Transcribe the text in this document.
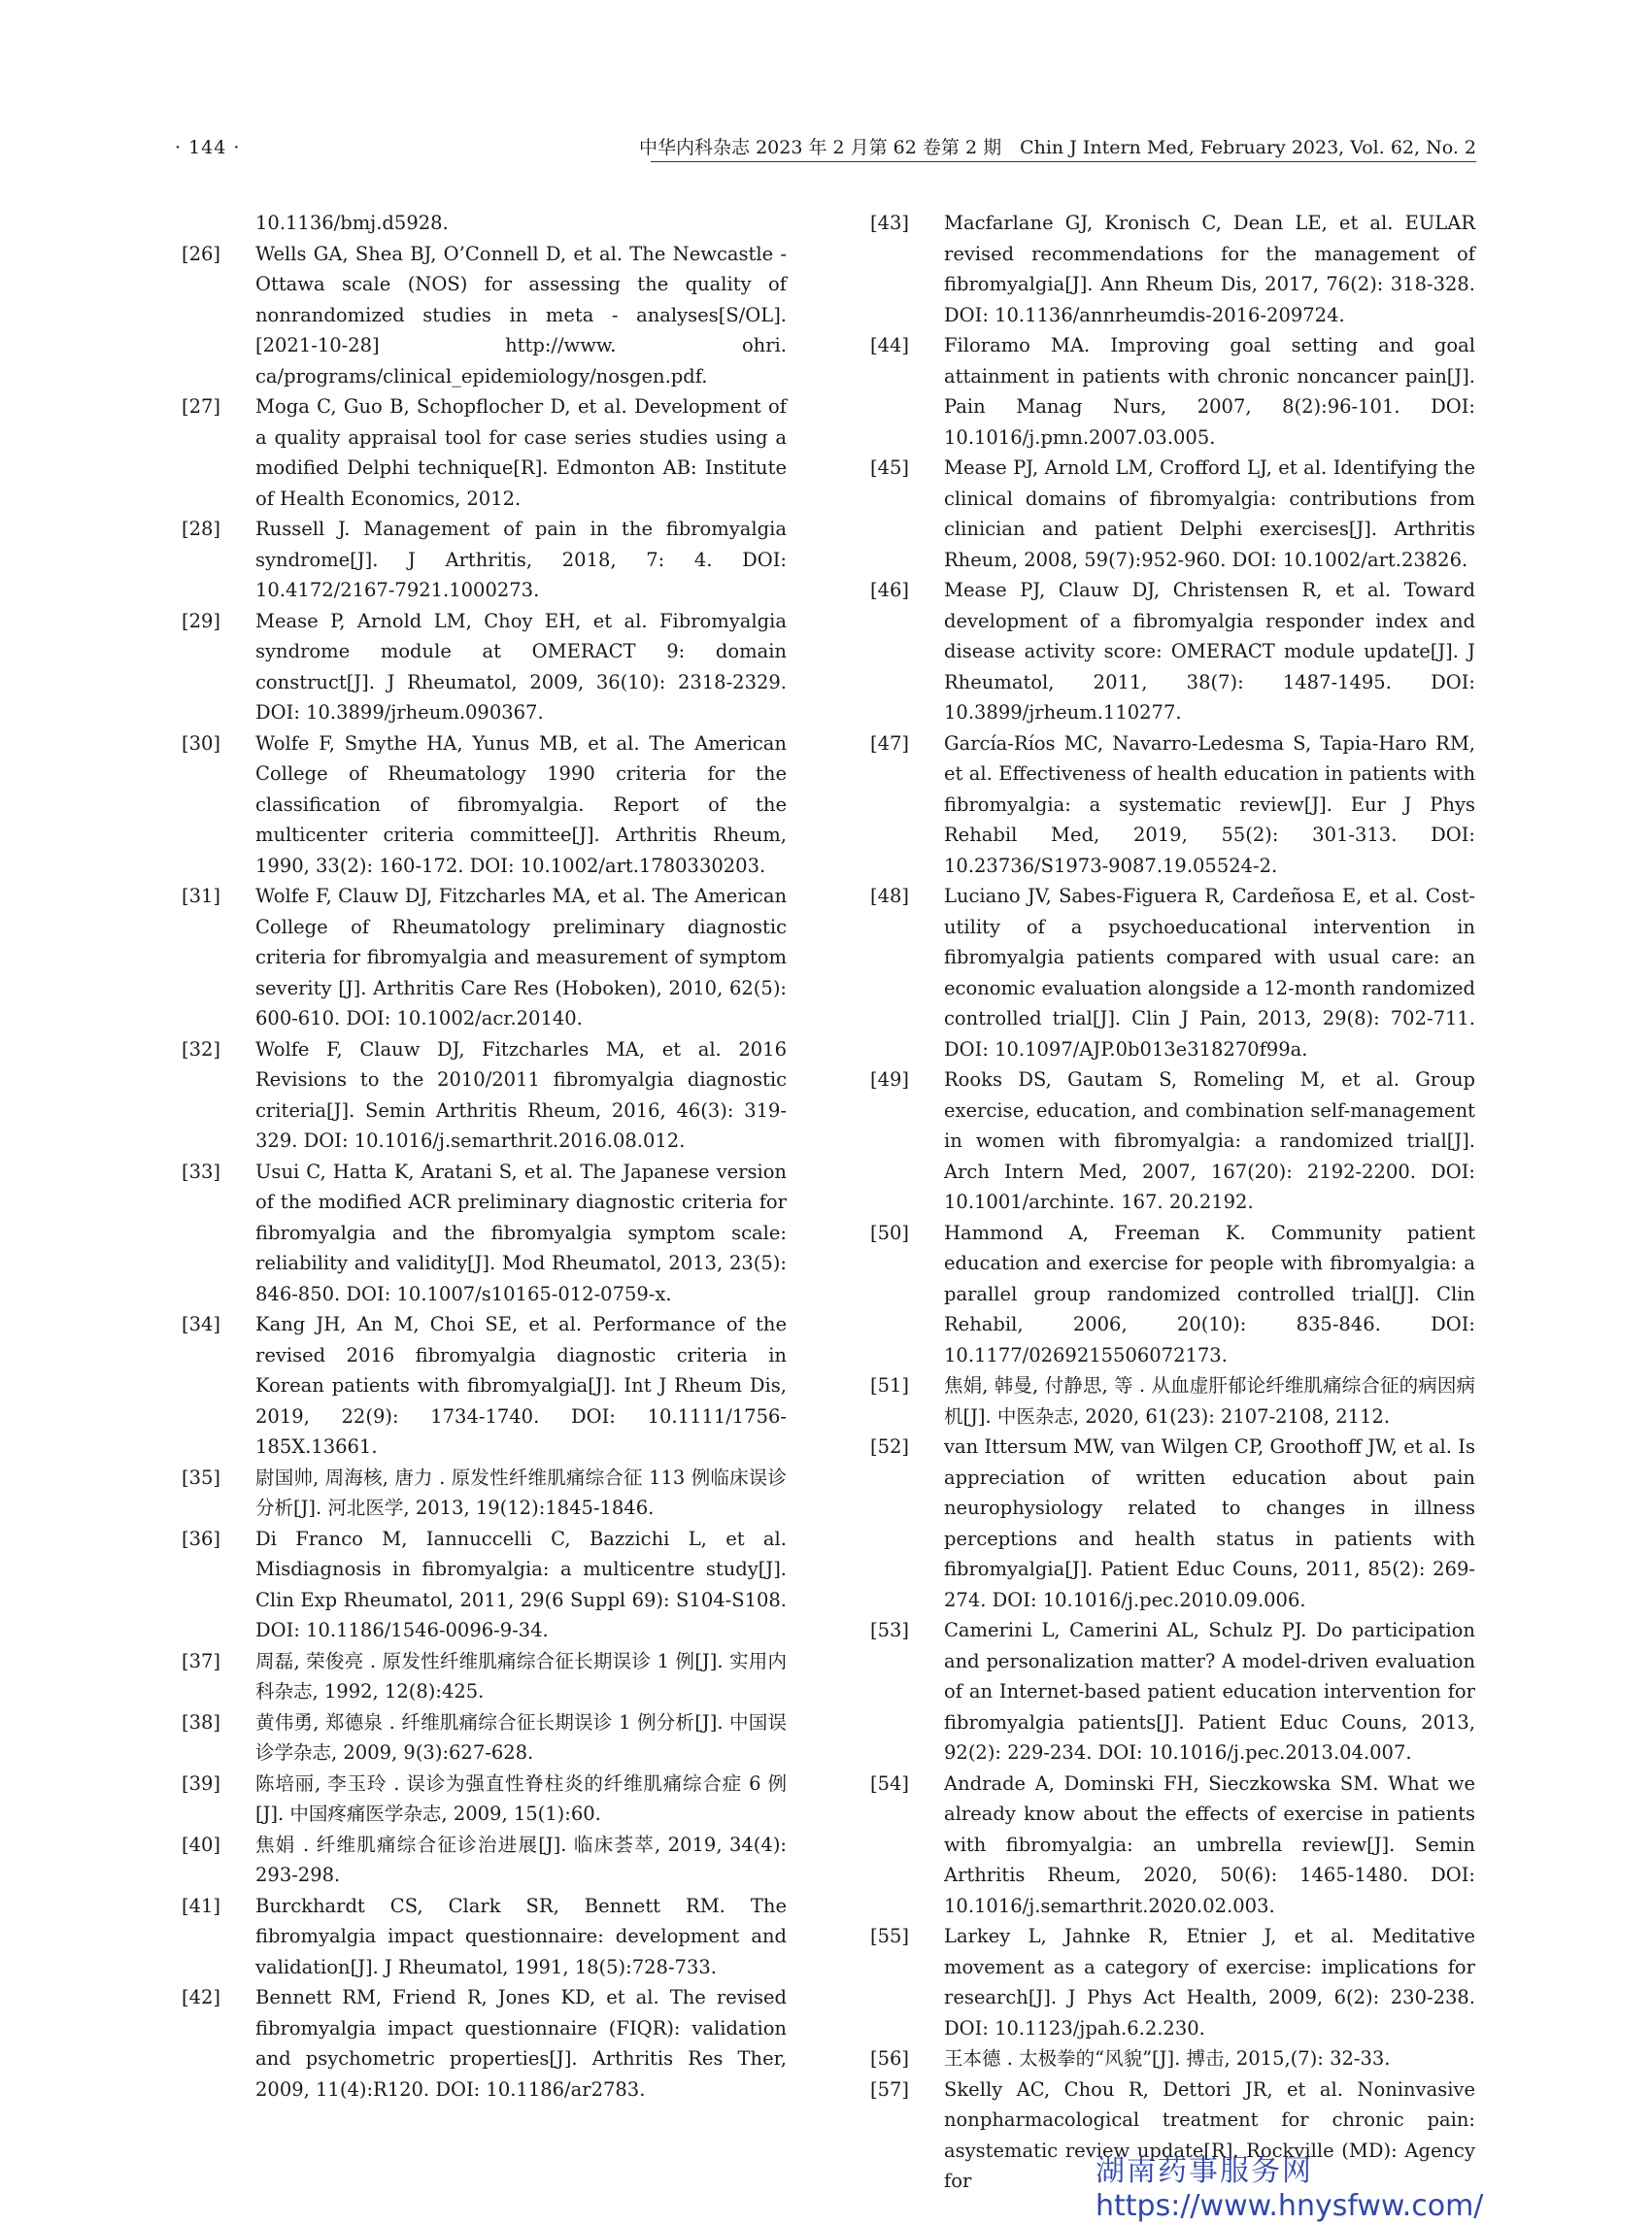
· 144 ·	中华内科杂志 2023 年 2 月第 62 卷第 2 期　Chin J Intern Med, February 2023, Vol. 62, No. 2
10.1136/bmj.d5928.
[26] Wells GA, Shea BJ, O’Connell D, et al. The Newcastle - Ottawa scale (NOS) for assessing the quality of nonrandomized studies in meta - analyses[S/OL]. [2021-10-28] http://www. ohri. ca/programs/clinical_epidemiology/nosgen.pdf.
[27] Moga C, Guo B, Schopflocher D, et al. Development of a quality appraisal tool for case series studies using a modified Delphi technique[R]. Edmonton AB: Institute of Health Economics, 2012.
[28] Russell J. Management of pain in the fibromyalgia syndrome[J]. J Arthritis, 2018, 7: 4. DOI: 10.4172/2167-7921.1000273.
[29] Mease P, Arnold LM, Choy EH, et al. Fibromyalgia syndrome module at OMERACT 9: domain construct[J]. J Rheumatol, 2009, 36(10): 2318-2329. DOI: 10.3899/jrheum.090367.
[30] Wolfe F, Smythe HA, Yunus MB, et al. The American College of Rheumatology 1990 criteria for the classification of fibromyalgia. Report of the multicenter criteria committee[J]. Arthritis Rheum, 1990, 33(2): 160-172. DOI: 10.1002/art.1780330203.
[31] Wolfe F, Clauw DJ, Fitzcharles MA, et al. The American College of Rheumatology preliminary diagnostic criteria for fibromyalgia and measurement of symptom severity [J]. Arthritis Care Res (Hoboken), 2010, 62(5): 600-610. DOI: 10.1002/acr.20140.
[32] Wolfe F, Clauw DJ, Fitzcharles MA, et al. 2016 Revisions to the 2010/2011 fibromyalgia diagnostic criteria[J]. Semin Arthritis Rheum, 2016, 46(3): 319-329. DOI: 10.1016/j.semarthrit.2016.08.012.
[33] Usui C, Hatta K, Aratani S, et al. The Japanese version of the modified ACR preliminary diagnostic criteria for fibromyalgia and the fibromyalgia symptom scale: reliability and validity[J]. Mod Rheumatol, 2013, 23(5): 846-850. DOI: 10.1007/s10165-012-0759-x.
[34] Kang JH, An M, Choi SE, et al. Performance of the revised 2016 fibromyalgia diagnostic criteria in Korean patients with fibromyalgia[J]. Int J Rheum Dis, 2019, 22(9): 1734-1740. DOI: 10.1111/1756-185X.13661.
[35] 尉国帅, 周海核, 唐力 . 原发性纤维肌痛综合征 113 例临床误诊分析[J]. 河北医学, 2013, 19(12):1845-1846.
[36] Di Franco M, Iannuccelli C, Bazzichi L, et al. Misdiagnosis in fibromyalgia: a multicentre study[J]. Clin Exp Rheumatol, 2011, 29(6 Suppl 69): S104-S108. DOI: 10.1186/1546-0096-9-34.
[37] 周磊, 荣俊亮 . 原发性纤维肌痛综合征长期误诊 1 例[J]. 实用内科杂志, 1992, 12(8):425.
[38] 黄伟勇, 郑德泉 . 纤维肌痛综合征长期误诊 1 例分析[J]. 中国误诊学杂志, 2009, 9(3):627-628.
[39] 陈培丽, 李玉玲 . 误诊为强直性脊柱炎的纤维肌痛综合症 6 例[J]. 中国疼痛医学杂志, 2009, 15(1):60.
[40] 焦娟 . 纤维肌痛综合征诊治进展[J]. 临床荟萃, 2019, 34(4): 293-298.
[41] Burckhardt CS, Clark SR, Bennett RM. The fibromyalgia impact questionnaire: development and validation[J]. J Rheumatol, 1991, 18(5):728-733.
[42] Bennett RM, Friend R, Jones KD, et al. The revised fibromyalgia impact questionnaire (FIQR): validation and psychometric properties[J]. Arthritis Res Ther, 2009, 11(4):R120. DOI: 10.1186/ar2783.
[43] Macfarlane GJ, Kronisch C, Dean LE, et al. EULAR revised recommendations for the management of fibromyalgia[J]. Ann Rheum Dis, 2017, 76(2): 318-328. DOI: 10.1136/annrheumdis-2016-209724.
[44] Filoramo MA. Improving goal setting and goal attainment in patients with chronic noncancer pain[J]. Pain Manag Nurs, 2007, 8(2):96-101. DOI: 10.1016/j.pmn.2007.03.005.
[45] Mease PJ, Arnold LM, Crofford LJ, et al. Identifying the clinical domains of fibromyalgia: contributions from clinician and patient Delphi exercises[J]. Arthritis Rheum, 2008, 59(7):952-960. DOI: 10.1002/art.23826.
[46] Mease PJ, Clauw DJ, Christensen R, et al. Toward development of a fibromyalgia responder index and disease activity score: OMERACT module update[J]. J Rheumatol, 2011, 38(7): 1487-1495. DOI: 10.3899/jrheum.110277.
[47] García-Ríos MC, Navarro-Ledesma S, Tapia-Haro RM, et al. Effectiveness of health education in patients with fibromyalgia: a systematic review[J]. Eur J Phys Rehabil Med, 2019, 55(2): 301-313. DOI: 10.23736/S1973-9087.19.05524-2.
[48] Luciano JV, Sabes-Figuera R, Cardeñosa E, et al. Cost-utility of a psychoeducational intervention in fibromyalgia patients compared with usual care: an economic evaluation alongside a 12-month randomized controlled trial[J]. Clin J Pain, 2013, 29(8): 702-711. DOI: 10.1097/AJP.0b013e318270f99a.
[49] Rooks DS, Gautam S, Romeling M, et al. Group exercise, education, and combination self-management in women with fibromyalgia: a randomized trial[J]. Arch Intern Med, 2007, 167(20): 2192-2200. DOI: 10.1001/archinte. 167. 20.2192.
[50] Hammond A, Freeman K. Community patient education and exercise for people with fibromyalgia: a parallel group randomized controlled trial[J]. Clin Rehabil, 2006, 20(10): 835-846. DOI: 10.1177/0269215506072173.
[51] 焦娟, 韩曼, 付静思, 等 . 从血虚肝郁论纤维肌痛综合征的病因病机[J]. 中医杂志, 2020, 61(23): 2107-2108, 2112.
[52] van Ittersum MW, van Wilgen CP, Groothoff JW, et al. Is appreciation of written education about pain neurophysiology related to changes in illness perceptions and health status in patients with fibromyalgia[J]. Patient Educ Couns, 2011, 85(2): 269-274. DOI: 10.1016/j.pec.2010.09.006.
[53] Camerini L, Camerini AL, Schulz PJ. Do participation and personalization matter? A model-driven evaluation of an Internet-based patient education intervention for fibromyalgia patients[J]. Patient Educ Couns, 2013, 92(2): 229-234. DOI: 10.1016/j.pec.2013.04.007.
[54] Andrade A, Dominski FH, Sieczkowska SM. What we already know about the effects of exercise in patients with fibromyalgia: an umbrella review[J]. Semin Arthritis Rheum, 2020, 50(6): 1465-1480. DOI: 10.1016/j.semarthrit.2020.02.003.
[55] Larkey L, Jahnke R, Etnier J, et al. Meditative movement as a category of exercise: implications for research[J]. J Phys Act Health, 2009, 6(2): 230-238. DOI: 10.1123/jpah.6.2.230.
[56] 王本德 . 太极拳的“风貌”[J]. 搏击, 2015,(7): 32-33.
[57] Skelly AC, Chou R, Dettori JR, et al. Noninvasive nonpharmacological treatment for chronic pain: asystematic review update[R]. Rockville (MD): Agency for	湖南药事服务网
https://www.hnysfww.com/
